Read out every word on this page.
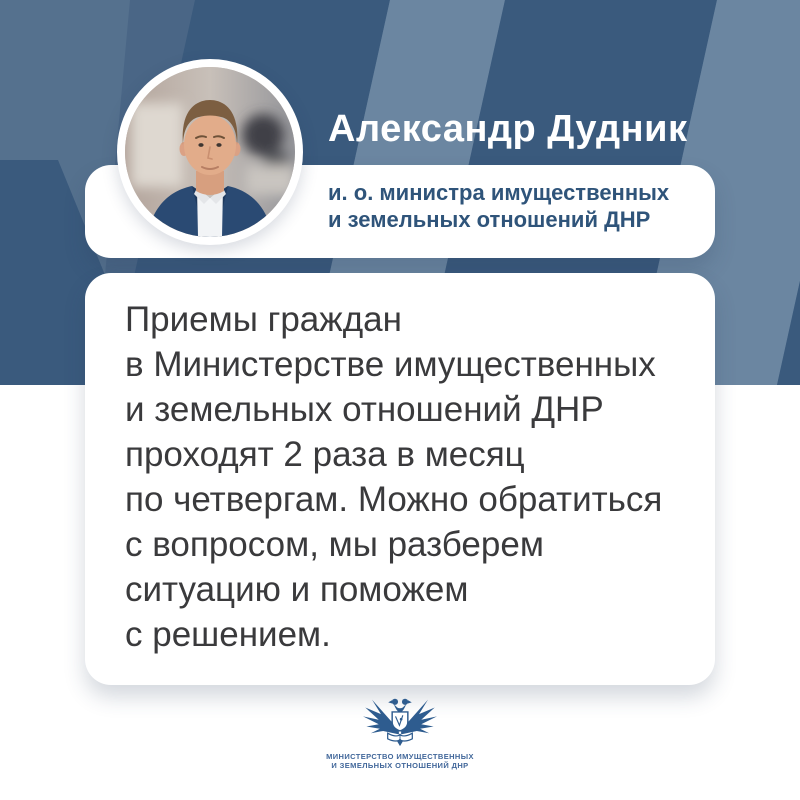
Приемы граждан
в Министерстве имущественных
и земельных отношений ДНР
проходят 2 раза в месяц
по четвергам. Можно обратиться
с вопросом, мы разберем
ситуацию и поможем
с решением.
Александр Дудник
и. о. министра имущественных
и земельных отношений ДНР
МИНИСТЕРСТВО ИМУЩЕСТВЕННЫХ
И ЗЕМЕЛЬНЫХ ОТНОШЕНИЙ ДНР
